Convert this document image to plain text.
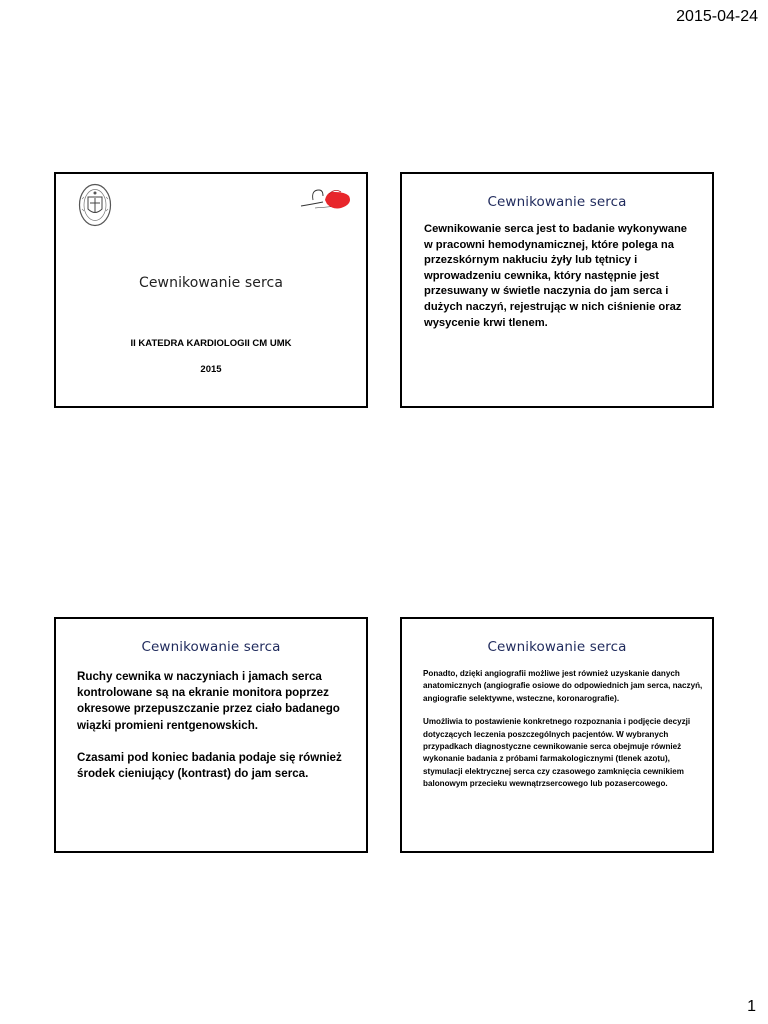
2015-04-24
Cewnikowanie serca
II KATEDRA KARDIOLOGII CM UMK
2015
Cewnikowanie serca
Cewnikowanie serca jest to badanie wykonywane w pracowni hemodynamicznej, które polega na przezskórnym nakłuciu żyły lub tętnicy i wprowadzeniu cewnika, który następnie jest przesuwany w świetle naczynia do jam serca i dużych naczyń, rejestrując w nich ciśnienie oraz wysycenie krwi tlenem.
Cewnikowanie serca

Ruchy cewnika w naczyniach i jamach serca kontrolowane są na ekranie monitora poprzez okresowe przepuszczanie przez ciało badanego wiązki promieni rentgenowskich.

Czasami pod koniec badania podaje się również środek cieniujący (kontrast) do jam serca.

Cewnikowanie serca

Ponadto, dzięki angiografii możliwe jest również uzyskanie danych anatomicznych (angiografie osiowe do odpowiednich jam serca, naczyń, angiografie selektywne, wsteczne, koronarografie).

Umożliwia to postawienie konkretnego rozpoznania i podjęcie decyzji dotyczących leczenia poszczególnych pacjentów. W wybranych przypadkach diagnostyczne cewnikowanie serca obejmuje również wykonanie badania z próbami farmakologicznymi (tlenek azotu), stymulacji elektrycznej serca czy czasowego zamknięcia cewnikiem balonowym przecieku wewnątrzsercowego lub pozasercowego.

1
